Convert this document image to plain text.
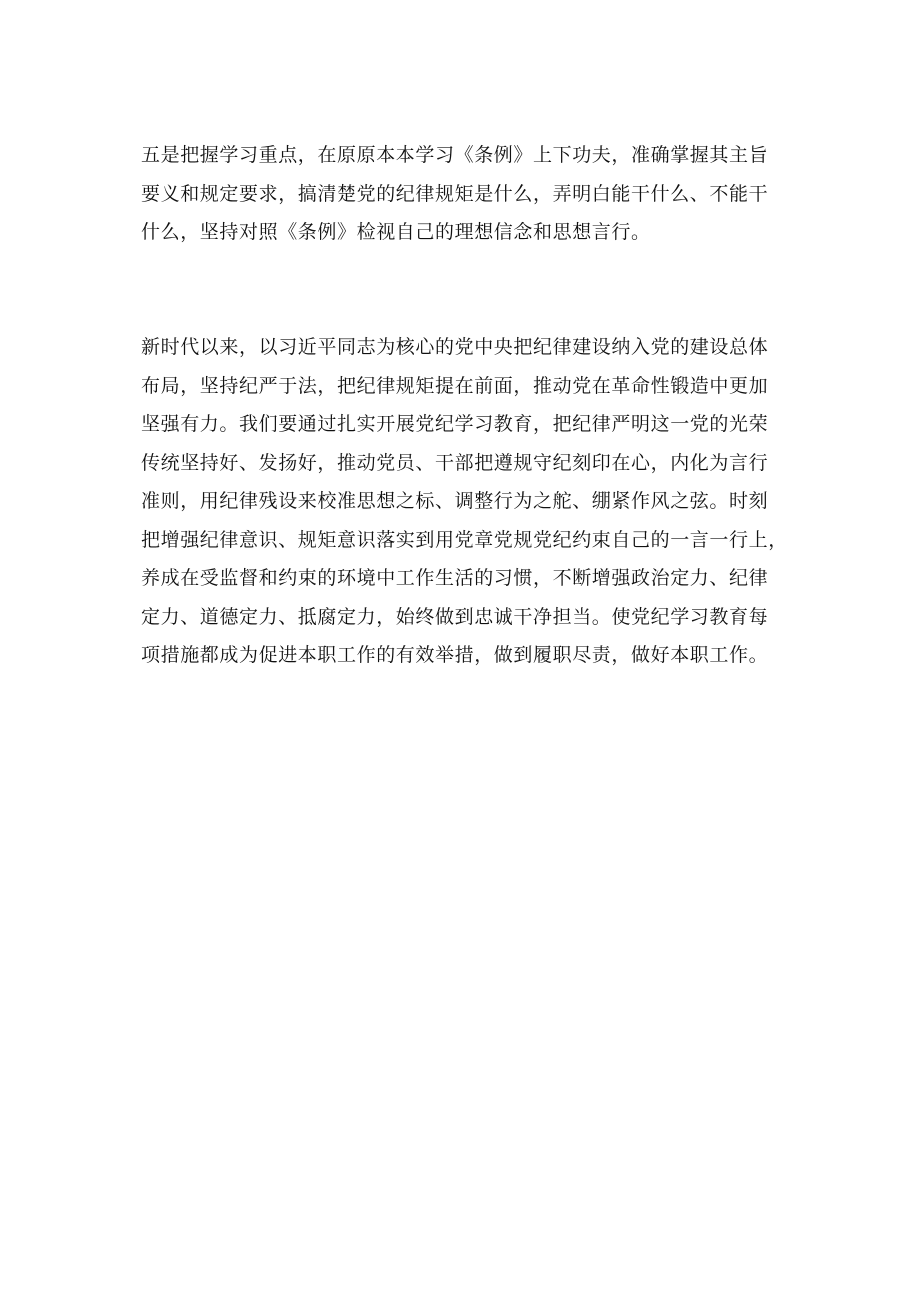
五是把握学习重点，在原原本本学习《条例》上下功夫，准确掌握其主旨
要义和规定要求，搞清楚党的纪律规矩是什么，弄明白能干什么、不能干
什么，坚持对照《条例》检视自己的理想信念和思想言行。

新时代以来，以习近平同志为核心的党中央把纪律建设纳入党的建设总体
布局，坚持纪严于法，把纪律规矩提在前面，推动党在革命性锻造中更加
坚强有力。我们要通过扎实开展党纪学习教育，把纪律严明这一党的光荣
传统坚持好、发扬好，推动党员、干部把遵规守纪刻印在心，内化为言行
准则，用纪律残设来校准思想之标、调整行为之舵、绷紧作风之弦。时刻
把增强纪律意识、规矩意识落实到用党章党规党纪约束自己的一言一行上，
养成在受监督和约束的环境中工作生活的习惯，不断增强政治定力、纪律
定力、道德定力、抵腐定力，始终做到忠诚干净担当。使党纪学习教育每
项措施都成为促进本职工作的有效举措，做到履职尽责，做好本职工作。
